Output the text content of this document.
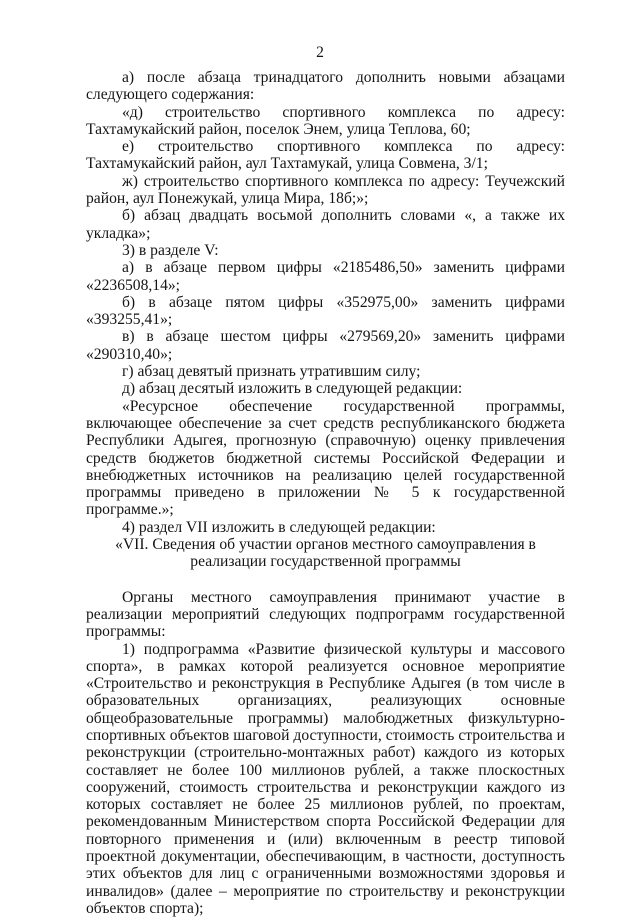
2

а) после абзаца тринадцатого дополнить новыми абзацами следующего содержания:

«д) строительство спортивного комплекса по адресу: Тахтамукайский район, поселок Энем, улица Теплова, 60;

е) строительство спортивного комплекса по адресу: Тахтамукайский район, аул Тахтамукай, улица Совмена, 3/1;

ж) строительство спортивного комплекса по адресу: Теучежский район, аул Понежукай, улица Мира, 18б;»;

б) абзац двадцать восьмой дополнить словами «, а также их укладка»;

3) в разделе V:

а) в абзаце первом цифры «2185486,50» заменить цифрами «2236508,14»;

б) в абзаце пятом цифры «352975,00» заменить цифрами «393255,41»;

в) в абзаце шестом цифры «279569,20» заменить цифрами «290310,40»;

г) абзац девятый признать утратившим силу;

д) абзац десятый изложить в следующей редакции:

«Ресурсное обеспечение государственной программы, включающее обеспечение за счет средств республиканского бюджета Республики Адыгея, прогнозную (справочную) оценку привлечения средств бюджетов бюджетной системы Российской Федерации и внебюджетных источников на реализацию целей государственной программы приведено в приложении № 5 к государственной программе.»;

4) раздел VII изложить в следующей редакции:

«VII. Сведения об участии органов местного самоуправления в реализации государственной программы

Органы местного самоуправления принимают участие в реализации мероприятий следующих подпрограмм государственной программы:

1) подпрограмма «Развитие физической культуры и массового спорта», в рамках которой реализуется основное мероприятие «Строительство и реконструкция в Республике Адыгея (в том числе в образовательных организациях, реализующих основные общеобразовательные программы) малобюджетных физкультурно-спортивных объектов шаговой доступности, стоимость строительства и реконструкции (строительно-монтажных работ) каждого из которых составляет не более 100 миллионов рублей, а также плоскостных сооружений, стоимость строительства и реконструкции каждого из которых составляет не более 25 миллионов рублей, по проектам, рекомендованным Министерством спорта Российской Федерации для повторного применения и (или) включенным в реестр типовой проектной документации, обеспечивающим, в частности, доступность этих объектов для лиц с ограниченными возможностями здоровья и инвалидов» (далее – мероприятие по строительству и реконструкции объектов спорта);
